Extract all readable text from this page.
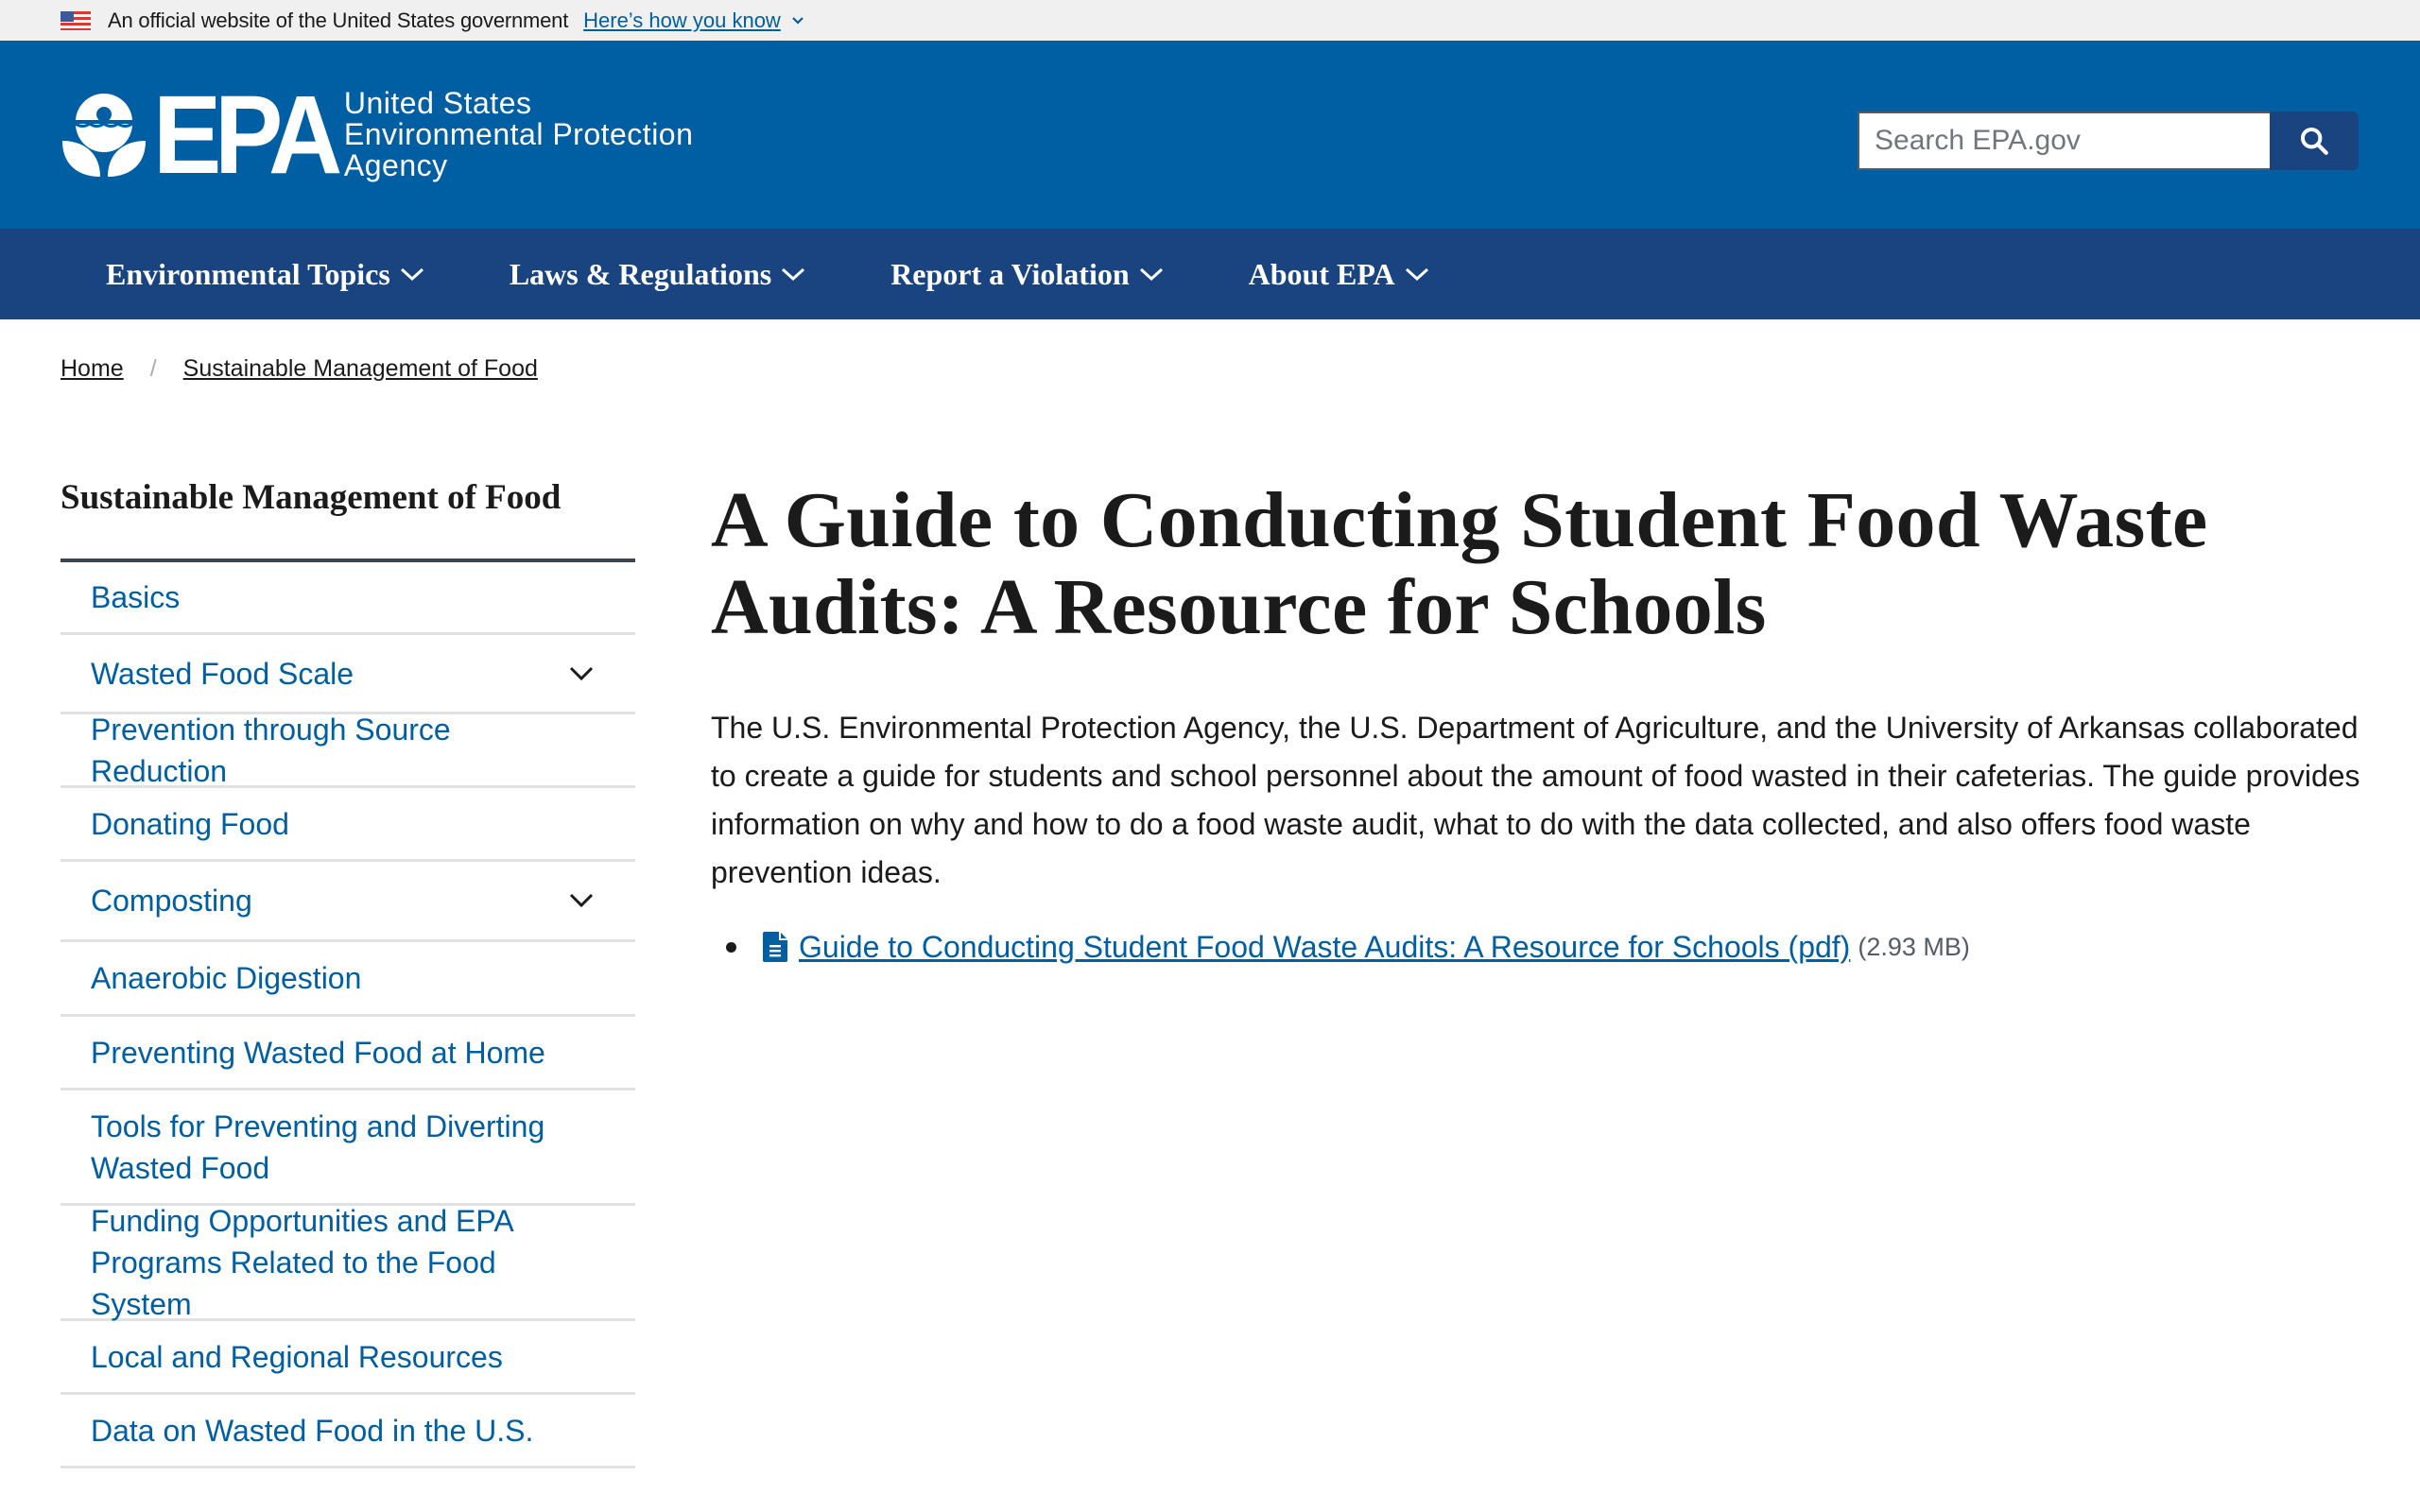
An official website of the United States government Here’s how you know
EPA United States
Environmental Protection
Agency
Search EPA.gov
Environmental Topics	Laws & Regulations	Report a Violation	About EPA
Home / Sustainable Management of Food
Sustainable Management of Food
Basics
Wasted Food Scale
Prevention through Source Reduction
Donating Food
Composting
Anaerobic Digestion
Preventing Wasted Food at Home
Tools for Preventing and Diverting Wasted Food
Funding Opportunities and EPA Programs Related to the Food System
Local and Regional Resources
Data on Wasted Food in the U.S.
A Guide to Conducting Student Food Waste Audits: A Resource for Schools

The U.S. Environmental Protection Agency, the U.S. Department of Agriculture, and the University of Arkansas collaborated to create a guide for students and school personnel about the amount of food wasted in their cafeterias. The guide provides information on why and how to do a food waste audit, what to do with the data collected, and also offers food waste prevention ideas.

Guide to Conducting Student Food Waste Audits: A Resource for Schools (pdf) (2.93 MB)
